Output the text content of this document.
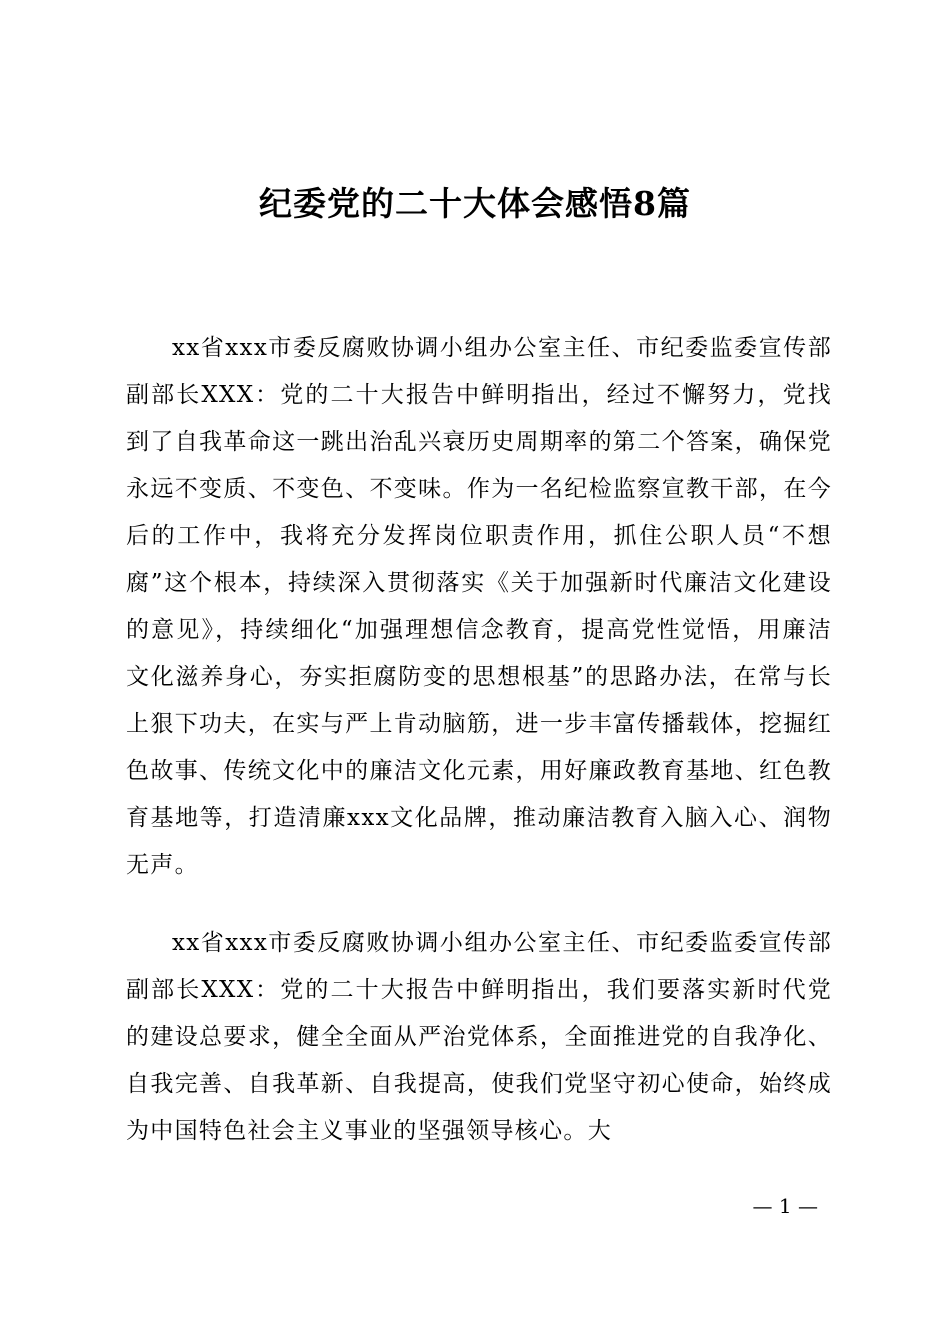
纪委党的二十大体会感悟8篇

xx省xxx市委反腐败协调小组办公室主任、市纪委监委宣传部副部长XXX：党的二十大报告中鲜明指出，经过不懈努力，党找到了自我革命这一跳出治乱兴衰历史周期率的第二个答案，确保党永远不变质、不变色、不变味。作为一名纪检监察宣教干部，在今后的工作中，我将充分发挥岗位职责作用，抓住公职人员“不想腐”这个根本，持续深入贯彻落实《关于加强新时代廉洁文化建设的意见》，持续细化“加强理想信念教育，提高党性觉悟，用廉洁文化滋养身心，夯实拒腐防变的思想根基”的思路办法，在常与长上狠下功夫，在实与严上肯动脑筋，进一步丰富传播载体，挖掘红色故事、传统文化中的廉洁文化元素，用好廉政教育基地、红色教育基地等，打造清廉xxx文化品牌，推动廉洁教育入脑入心、润物无声。

xx省xxx市委反腐败协调小组办公室主任、市纪委监委宣传部副部长XXX：党的二十大报告中鲜明指出，我们要落实新时代党的建设总要求，健全全面从严治党体系，全面推进党的自我净化、自我完善、自我革新、自我提高，使我们党坚守初心使命，始终成为中国特色社会主义事业的坚强领导核心。大

— 1 —
